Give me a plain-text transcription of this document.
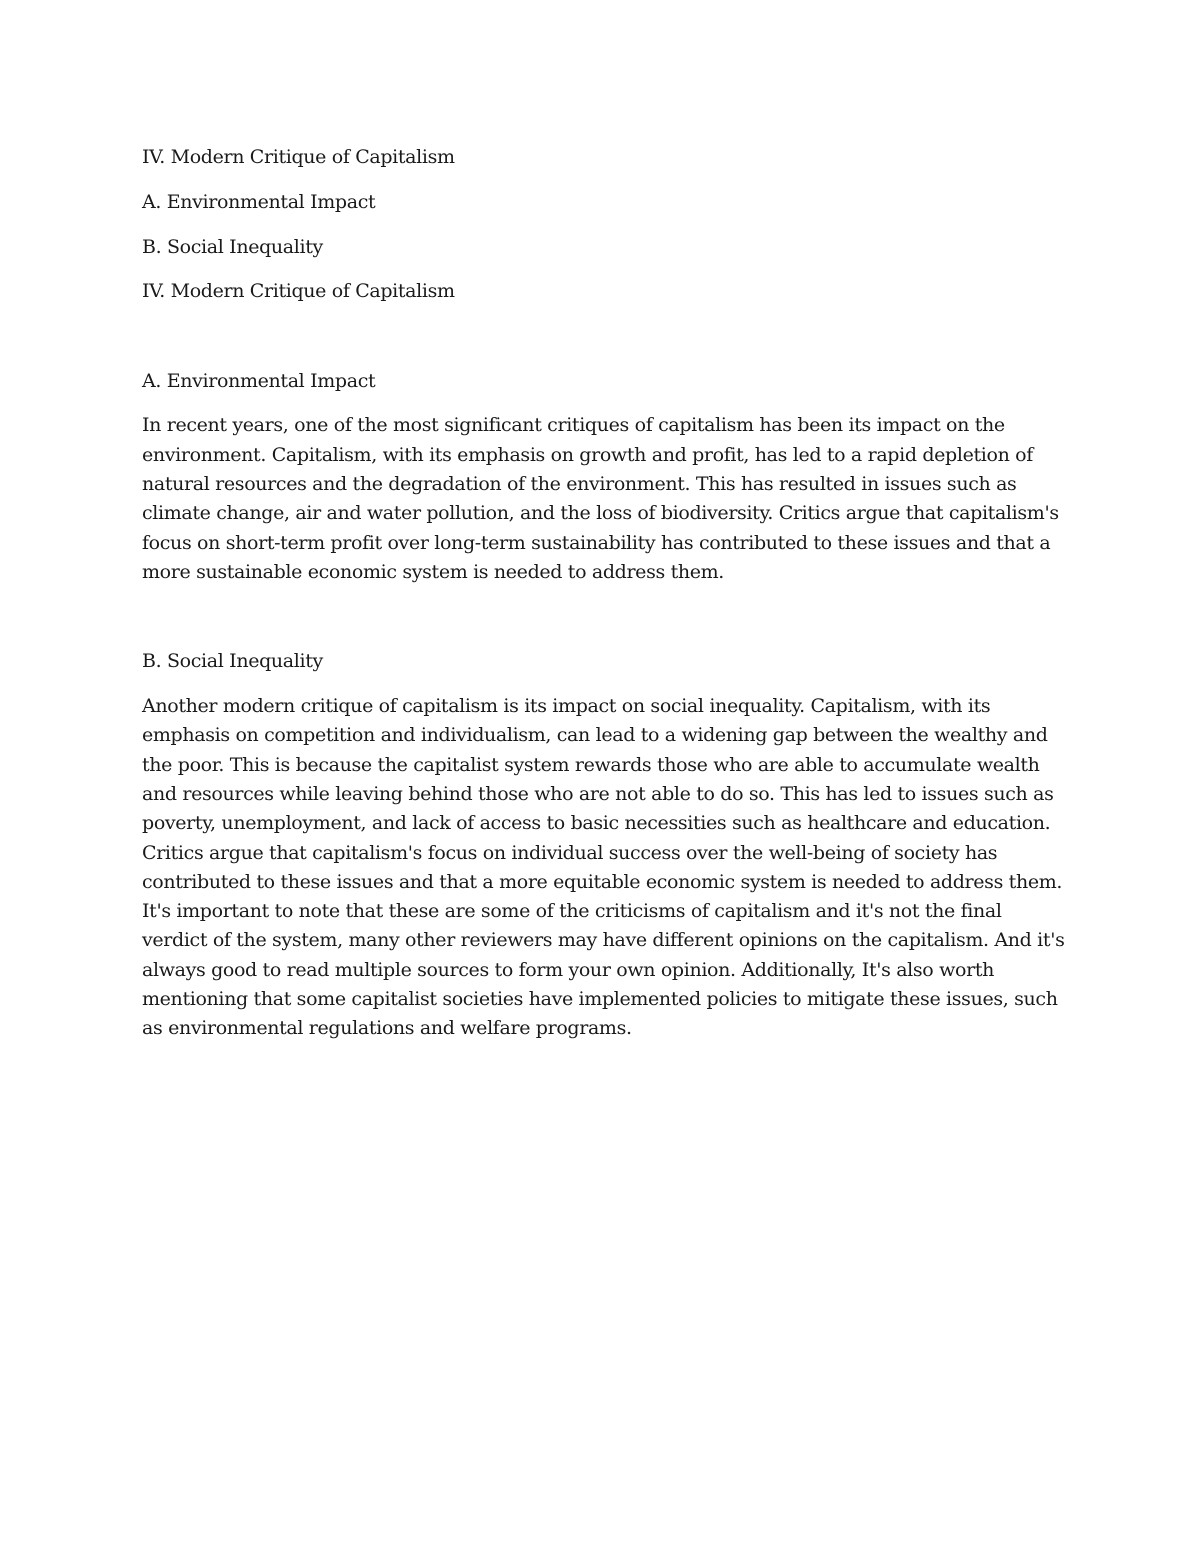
IV. Modern Critique of Capitalism
A. Environmental Impact
B. Social Inequality
IV. Modern Critique of Capitalism
A. Environmental Impact

In recent years, one of the most significant critiques of capitalism has been its impact on the environment. Capitalism, with its emphasis on growth and profit, has led to a rapid depletion of natural resources and the degradation of the environment. This has resulted in issues such as climate change, air and water pollution, and the loss of biodiversity. Critics argue that capitalism's focus on short-term profit over long-term sustainability has contributed to these issues and that a more sustainable economic system is needed to address them.

B. Social Inequality

Another modern critique of capitalism is its impact on social inequality. Capitalism, with its emphasis on competition and individualism, can lead to a widening gap between the wealthy and the poor. This is because the capitalist system rewards those who are able to accumulate wealth and resources while leaving behind those who are not able to do so. This has led to issues such as poverty, unemployment, and lack of access to basic necessities such as healthcare and education. Critics argue that capitalism's focus on individual success over the well-being of society has contributed to these issues and that a more equitable economic system is needed to address them.

It's important to note that these are some of the criticisms of capitalism and it's not the final verdict of the system, many other reviewers may have different opinions on the capitalism. And it's always good to read multiple sources to form your own opinion. Additionally, It's also worth mentioning that some capitalist societies have implemented policies to mitigate these issues, such as environmental regulations and welfare programs.
